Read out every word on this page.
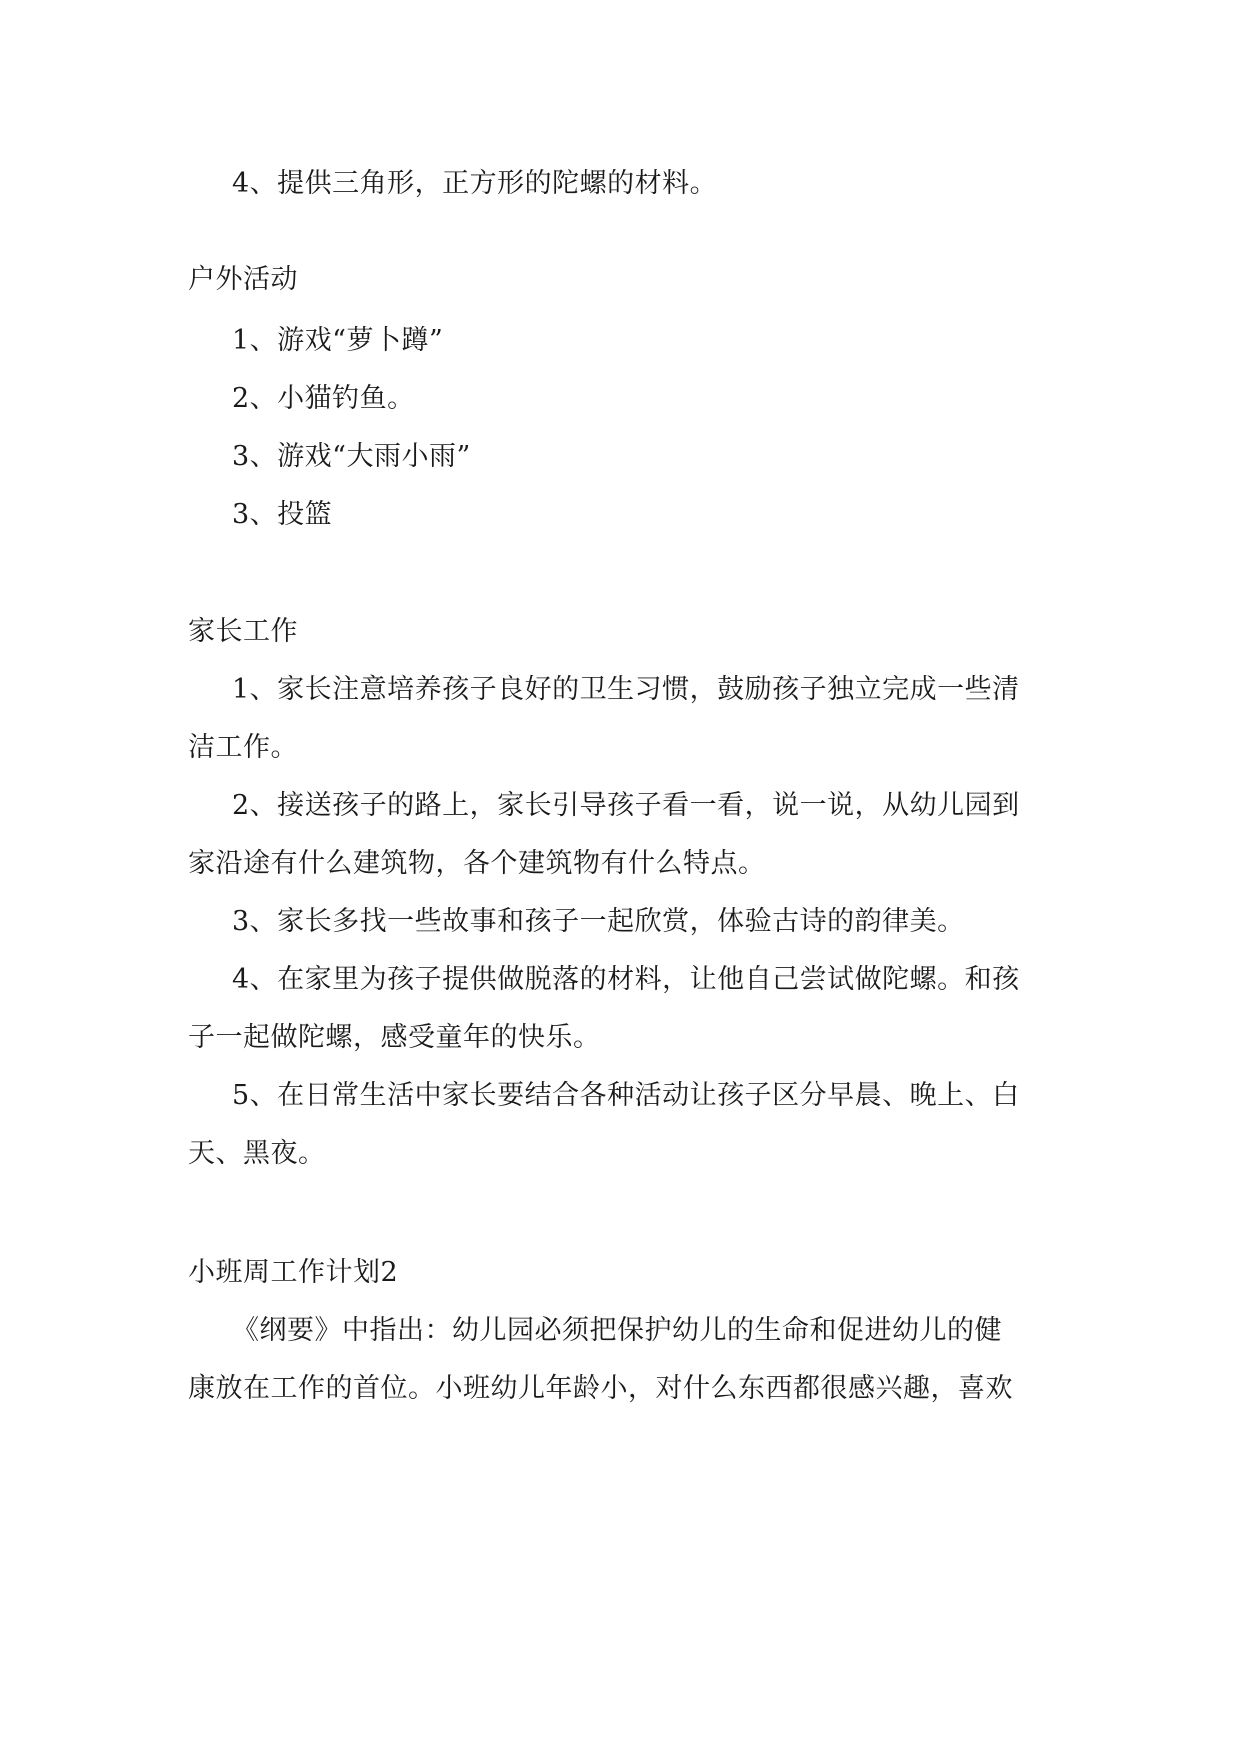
4、提供三角形，正方形的陀螺的材料。
户外活动
1、游戏“萝卜蹲”
2、小猫钓鱼。
3、游戏“大雨小雨”
3、投篮
家长工作
1、家长注意培养孩子良好的卫生习惯，鼓励孩子独立完成一些清
洁工作。
2、接送孩子的路上，家长引导孩子看一看，说一说，从幼儿园到
家沿途有什么建筑物，各个建筑物有什么特点。
3、家长多找一些故事和孩子一起欣赏，体验古诗的韵律美。
4、在家里为孩子提供做脱落的材料，让他自己尝试做陀螺。和孩
子一起做陀螺，感受童年的快乐。
5、在日常生活中家长要结合各种活动让孩子区分早晨、晚上、白
天、黑夜。
小班周工作计划2
《纲要》中指出：幼儿园必须把保护幼儿的生命和促进幼儿的健
康放在工作的首位。小班幼儿年龄小，对什么东西都很感兴趣，喜欢
